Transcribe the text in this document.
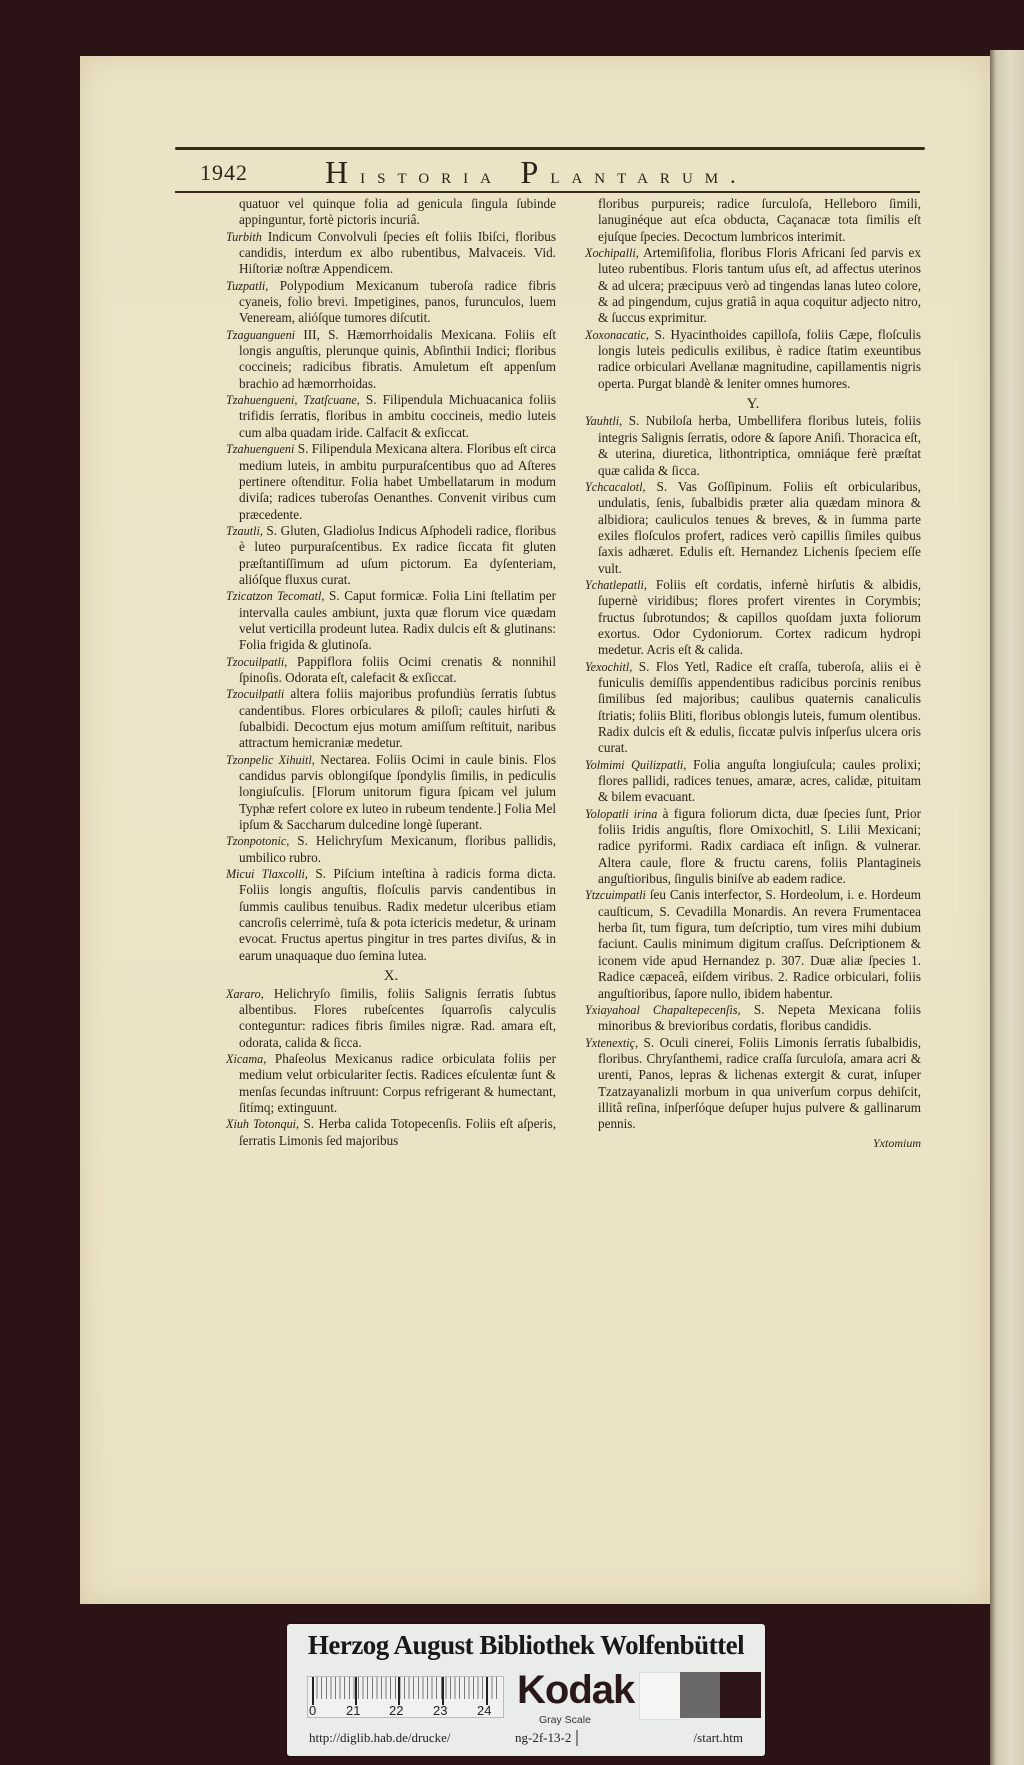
1942 Historia Plantarum.

quatuor vel quinque folia ad genicula ſingula ſubinde appinguntur, fortè pictoris incuriâ.

Turbith Indicum Convolvuli ſpecies eſt foliis Ibiſci, floribus candidis, interdum ex albo rubentibus, Malvaceis. Vid. Hiſtoriæ noſtræ Appendicem.

Tuzpatli, Polypodium Mexicanum tuberoſa radice fibris cyaneis, folio brevi. Impetigines, panos, furunculos, luem Veneream, alióſque tumores diſcutit.

Tzaguangueni III, S. Hæmorrhoidalis Mexicana. Foliis eſt longis anguſtis, plerunque quinis, Abſinthii Indici; floribus coccineis; radicibus fibratis. Amuletum eſt appenſum brachio ad hæmorrhoidas.

Tzahuengueni, Tzatſcuane, S. Filipendula Michuacanica foliis trifidis ſerratis, floribus in ambitu coccineis, medio luteis cum alba quadam iride. Calfacit & exſiccat.

Tzahuengueni S. Filipendula Mexicana altera. Floribus eſt circa medium luteis, in ambitu purpuraſcentibus quo ad Aſteres pertinere oſtenditur. Folia habet Umbellatarum in modum diviſa; radices tuberoſas Oenanthes. Convenit viribus cum præcedente.

Tzautli, S. Gluten, Gladiolus Indicus Aſphodeli radice, floribus è luteo purpuraſcentibus. Ex radice ſiccata fit gluten præſtantiſſimum ad uſum pictorum. Ea dyſenteriam, alióſque fluxus curat.

Tzicatzon Tecomatl, S. Caput formicæ. Folia Lini ſtellatim per intervalla caules ambiunt, juxta quæ florum vice quædam velut verticilla prodeunt lutea. Radix dulcis eſt & glutinans: Folia frigida & glutinoſa.

Tzocuilpatli, Pappiflora foliis Ocimi crenatis & nonnihil ſpinoſis. Odorata eſt, calefacit & exſiccat.

Tzocuilpatli altera foliis majoribus profundiùs ſerratis ſubtus candentibus. Flores orbiculares & piloſi; caules hirſuti & ſubalbidi. Decoctum ejus motum amiſſum reſtituit, naribus attractum hemicraniæ medetur.

Tzonpelic Xihuitl, Nectarea. Foliis Ocimi in caule binis. Flos candidus parvis oblongiſque ſpondylis ſimilis, in pediculis longiuſculis. [Florum unitorum figura ſpicam vel julum Typhæ refert colore ex luteo in rubeum tendente.] Folia Mel ipſum & Saccharum dulcedine longè ſuperant.

Tzonpotonic, S. Helichryſum Mexicanum, floribus pallidis, umbilico rubro.

Micui Tlaxcolli, S. Piſcium inteſtina à radicis forma dicta. Foliis longis anguſtis, floſculis parvis candentibus in ſummis caulibus tenuibus. Radix medetur ulceribus etiam cancroſis celerrimè, tuſa & pota ictericis medetur, & urinam evocat. Fructus apertus pingitur in tres partes diviſus, & in earum unaquaque duo ſemina lutea.

X.

Xararo, Helichryſo ſimilis, foliis Salignis ſerratis ſubtus albentibus. Flores rubeſcentes ſquarroſis calyculis conteguntur: radices fibris ſimiles nigræ. Rad. amara eſt, odorata, calida & ſicca.

Xicama, Phaſeolus Mexicanus radice orbiculata foliis per medium velut orbiculariter ſectis. Radices eſculentæ ſunt & menſas ſecundas inſtruunt: Corpus refrigerant & humectant, ſitímq; extinguunt.

Xiuh Totonqui, S. Herba calida Totopecenſis. Foliis eſt aſperis, ſerratis Limonis ſed majoribus

floribus purpureis; radice ſurculoſa, Helleboro ſimili, lanuginéque aut eſca obducta, Caçanacæ tota ſimilis eſt ejuſque ſpecies. Decoctum lumbricos interimit.

Xochipalli, Artemiſifolia, floribus Floris Africani ſed parvis ex luteo rubentibus. Floris tantum uſus eſt, ad affectus uterinos & ad ulcera; præcipuus verò ad tingendas lanas luteo colore, & ad pingendum, cujus gratiâ in aqua coquitur adjecto nitro, & ſuccus exprimitur.

Xoxonacatic, S. Hyacinthoides capilloſa, foliis Cæpe, floſculis longis luteis pediculis exilibus, è radice ſtatim exeuntibus radice orbiculari Avellanæ magnitudine, capillamentis nigris operta. Purgat blandè & leniter omnes humores.

Y.

Yauhtli, S. Nubiloſa herba, Umbellifera floribus luteis, foliis integris Salignis ſerratis, odore & ſapore Aniſi. Thoracica eſt, & uterina, diuretica, lithontriptica, omniáque ferè præſtat quæ calida & ſicca.

Ychcacalotl, S. Vas Goſſipinum. Foliis eſt orbicularibus, undulatis, ſenis, ſubalbidis præter alia quædam minora & albidiora; cauliculos tenues & breves, & in ſumma parte exiles floſculos profert, radices verò capillis ſimiles quibus ſaxis adhæret. Edulis eſt. Hernandez Lichenis ſpeciem eſſe vult.

Ychatlepatli, Foliis eſt cordatis, infernè hirſutis & albidis, ſupernè viridibus; flores profert virentes in Corymbis; fructus ſubrotundos; & capillos quoſdam juxta foliorum exortus. Odor Cydoniorum. Cortex radicum hydropi medetur. Acris eſt & calida.

Yexochitl, S. Flos Yetl, Radice eſt craſſa, tuberoſa, aliis ei è funiculis demiſſis appendentibus radicibus porcinis renibus ſimilibus ſed majoribus; caulibus quaternis canaliculis ſtriatis; foliis Bliti, floribus oblongis luteis, fumum olentibus. Radix dulcis eſt & edulis, ſiccatæ pulvis inſperſus ulcera oris curat.

Yolmimi Quilizpatli, Folia anguſta longiuſcula; caules prolixi; flores pallidi, radices tenues, amaræ, acres, calidæ, pituitam & bilem evacuant.

Yolopatli irina à figura foliorum dicta, duæ ſpecies ſunt, Prior foliis Iridis anguſtis, flore Omixochitl, S. Lilii Mexicani; radice pyriformi. Radix cardiaca eſt inſign. & vulnerar. Altera caule, flore & fructu carens, foliis Plantagineis anguſtioribus, ſingulis biniſve ab eadem radice.

Ytzcuimpatli ſeu Canis interfector, S. Hordeolum, i. e. Hordeum cauſticum, S. Cevadilla Monardis. An revera Frumentacea herba ſit, tum figura, tum deſcriptio, tum vires mihi dubium faciunt. Caulis minimum digitum craſſus. Deſcriptionem & iconem vide apud Hernandez p. 307. Duæ aliæ ſpecies 1. Radice cæpaceâ, eiſdem viribus. 2. Radice orbiculari, foliis anguſtioribus, ſapore nullo, ibidem habentur.

Yxiayahoal Chapaltepecenſis, S. Nepeta Mexicana foliis minoribus & brevioribus cordatis, floribus candidis.

Yxtenextiç, S. Oculi cinerei, Foliis Limonis ſerratis ſubalbidis, floribus. Chryſanthemi, radice craſſa ſurculoſa, amara acri & urenti, Panos, lepras & lichenas extergit & curat, inſuper Tzatzayanalizli morbum in qua univerſum corpus dehiſcit, illitâ reſina, inſperſóque deſuper hujus pulvere & gallinarum pennis.

Yxtomium
Herzog August Bibliothek Wolfenbüttel
0 21 22 23 24 Kodak
Gray Scale
http://diglib.hab.de/drucke/	ng-2f-13-2	/start.htm
